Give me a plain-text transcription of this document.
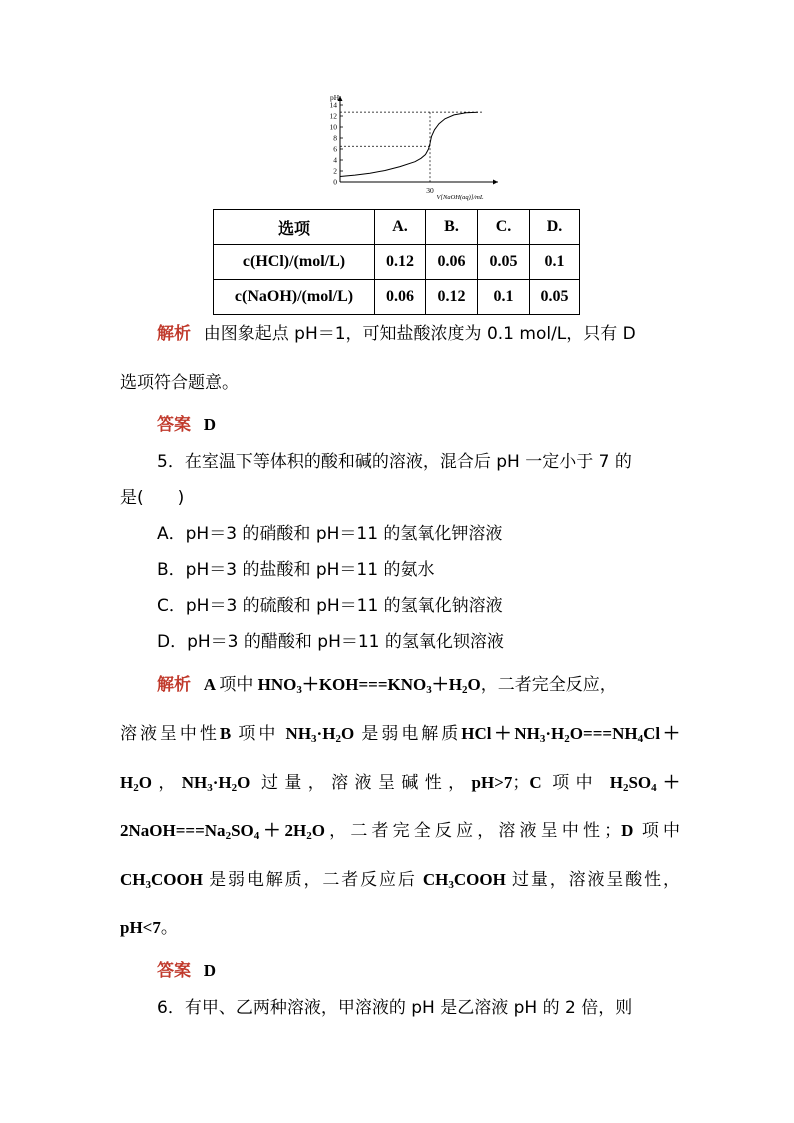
14
12
10
8
6
4
2
0
pH
30
V[NaOH(aq)]/mL
选项	A.	B.	C.	D.
c(HCl)/(mol/L)	0.12	0.06	0.05	0.1
c(NaOH)/(mol/L)	0.06	0.12	0.1	0.05
解析 由图象起点 pH＝1，可知盐酸浓度为 0.1 mol/L，只有 D
选项符合题意。
答案 D
5．在室温下等体积的酸和碱的溶液，混合后 pH 一定小于 7 的
是(　　)
A．pH＝3 的硝酸和 pH＝11 的氢氧化钾溶液
B．pH＝3 的盐酸和 pH＝11 的氨水
C．pH＝3 的硫酸和 pH＝11 的氢氧化钠溶液
D．pH＝3 的醋酸和 pH＝11 的氢氧化钡溶液
解析   A 项中 $HNO_3+KOH===KNO_3+H_2O$，二者完全反应，
溶液呈中性B 项中 $NH_3\cdot H_2O$ 是弱电解质$HCl+NH_3\cdot H_2O===NH_4Cl+$
$H_2O$，$NH_3\cdot H_2O$ 过量，溶液呈碱性，pH>7；C 项中 $H_2SO_4+$
$2NaOH===Na_2SO_4+2H_2O$，二者完全反应，溶液呈中性；D 项中
$CH_3COOH$ 是弱电解质，二者反应后 $CH_3COOH$ 过量，溶液呈酸性，
pH<7。
答案 D
6．有甲、乙两种溶液，甲溶液的 pH 是乙溶液 pH 的 2 倍，则
